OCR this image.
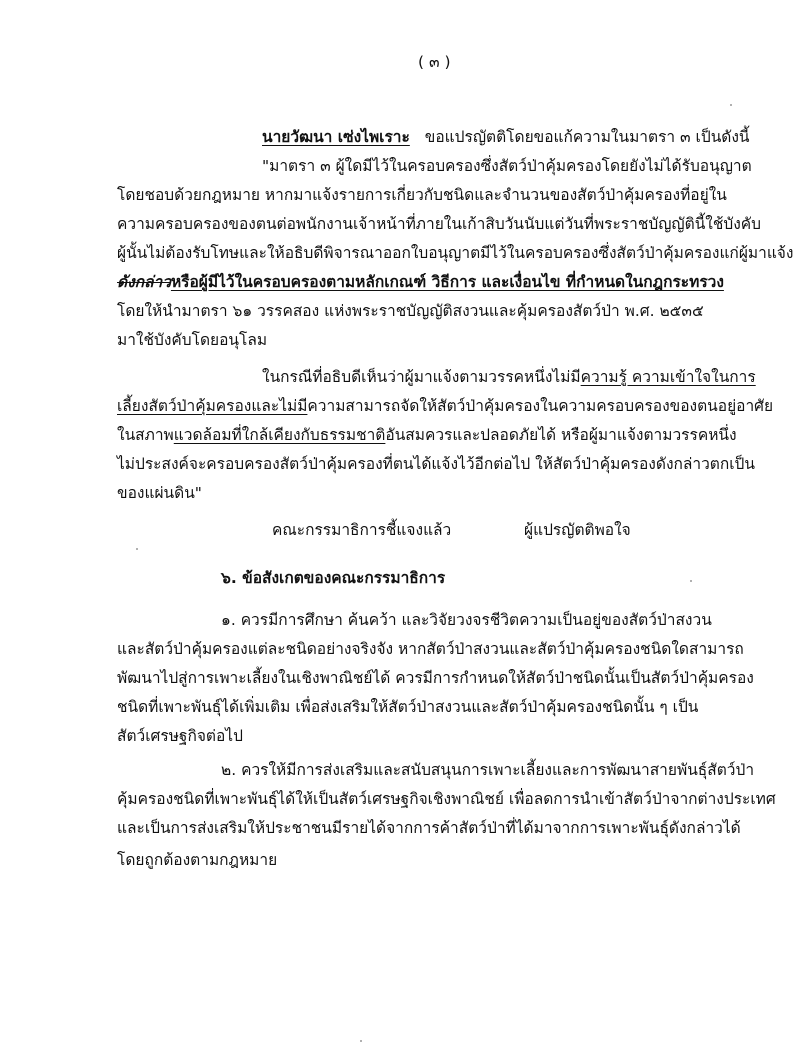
( ๓ )
นายวัฒนา เซ่งไพเราะ ขอแปรญัตติโดยขอแก้ความในมาตรา ๓ เป็นดังนี้
"มาตรา ๓ ผู้ใดมีไว้ในครอบครองซึ่งสัตว์ป่าคุ้มครองโดยยังไม่ได้รับอนุญาต
โดยชอบด้วยกฎหมาย หากมาแจ้งรายการเกี่ยวกับชนิดและจำนวนของสัตว์ป่าคุ้มครองที่อยู่ใน
ความครอบครองของตนต่อพนักงานเจ้าหน้าที่ภายในเก้าสิบวันนับแต่วันที่พระราชบัญญัตินี้ใช้บังคับ
ผู้นั้นไม่ต้องรับโทษและให้อธิบดีพิจารณาออกใบอนุญาตมีไว้ในครอบครองซึ่งสัตว์ป่าคุ้มครองแก่ผู้มาแจ้ง
ดังกล่าวหรือผู้มีไว้ในครอบครองตามหลักเกณฑ์ วิธีการ และเงื่อนไข ที่กำหนดในกฎกระทรวง
โดยให้นำมาตรา ๖๑ วรรคสอง แห่งพระราชบัญญัติสงวนและคุ้มครองสัตว์ป่า พ.ศ. ๒๕๓๕
มาใช้บังคับโดยอนุโลม
ในกรณีที่อธิบดีเห็นว่าผู้มาแจ้งตามวรรคหนึ่งไม่มีความรู้ ความเข้าใจในการ
เลี้ยงสัตว์ป่าคุ้มครองและไม่มีความสามารถจัดให้สัตว์ป่าคุ้มครองในความครอบครองของตนอยู่อาศัย
ในสภาพแวดล้อมที่ใกล้เคียงกับธรรมชาติอันสมควรและปลอดภัยได้ หรือผู้มาแจ้งตามวรรคหนึ่ง
ไม่ประสงค์จะครอบครองสัตว์ป่าคุ้มครองที่ตนได้แจ้งไว้อีกต่อไป ให้สัตว์ป่าคุ้มครองดังกล่าวตกเป็น
ของแผ่นดิน"
คณะกรรมาธิการชี้แจงแล้ว	ผู้แปรญัตติพอใจ
๖. ข้อสังเกตของคณะกรรมาธิการ
๑. ควรมีการศึกษา ค้นคว้า และวิจัยวงจรชีวิตความเป็นอยู่ของสัตว์ป่าสงวน
และสัตว์ป่าคุ้มครองแต่ละชนิดอย่างจริงจัง หากสัตว์ป่าสงวนและสัตว์ป่าคุ้มครองชนิดใดสามารถ
พัฒนาไปสู่การเพาะเลี้ยงในเชิงพาณิชย์ได้ ควรมีการกำหนดให้สัตว์ป่าชนิดนั้นเป็นสัตว์ป่าคุ้มครอง
ชนิดที่เพาะพันธุ์ได้เพิ่มเติม เพื่อส่งเสริมให้สัตว์ป่าสงวนและสัตว์ป่าคุ้มครองชนิดนั้น ๆ เป็น
สัตว์เศรษฐกิจต่อไป
๒. ควรให้มีการส่งเสริมและสนับสนุนการเพาะเลี้ยงและการพัฒนาสายพันธุ์สัตว์ป่า
คุ้มครองชนิดที่เพาะพันธุ์ได้ให้เป็นสัตว์เศรษฐกิจเชิงพาณิชย์ เพื่อลดการนำเข้าสัตว์ป่าจากต่างประเทศ
และเป็นการส่งเสริมให้ประชาชนมีรายได้จากการค้าสัตว์ป่าที่ได้มาจากการเพาะพันธุ์ดังกล่าวได้
โดยถูกต้องตามกฎหมาย
